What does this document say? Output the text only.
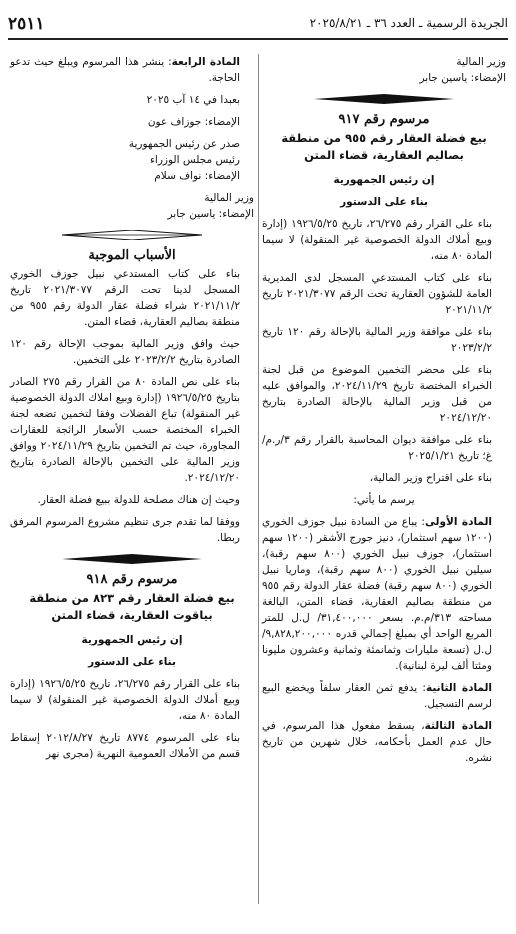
٢٥١١	الجريدة الرسمية ـ العدد ٣٦ ـ ٢٠٢٥/٨/٢١

وزير المالية

الإمضاء: ياسين جابر

مرسوم رقم ٩١٧
بيع فضلة العقار رقم ٩٥٥ من منطقة بصاليم العقارية، قضاء المتن

إن رئيس الجمهورية

بناء على الدستور

بناء على القرار رقم ٢٦/٢٧٥، تاريخ ١٩٢٦/٥/٢٥ (إدارة وبيع أملاك الدولة الخصوصية غير المنقولة) لا سيما المادة ٨٠ منه،

بناء على كتاب المستدعي المسجل لدى المديرية العامة للشؤون العقارية تحت الرقم ٢٠٢١/٣٠٧٧ تاريخ ٢٠٢١/١١/٢

بناء على موافقة وزير المالية بالإحالة رقم ١٢٠ تاريخ ٢٠٢٣/٢/٢

بناء على محضر التخمين الموضوع من قبل لجنة الخبراء المختصة تاريخ ٢٠٢٤/١١/٢٩، والموافق عليه من قبل وزير المالية بالإحالة الصادرة بتاريخ ٢٠٢٤/١٢/٢٠

بناء على موافقة ديوان المحاسبة بالقرار رقم ٣/ر.م/غ؛ تاريخ ٢٠٢٥/١/٢١

بناء على اقتراح وزير المالية،

يرسم ما يأتي:

المادة الأولى: يباع من السادة نبيل جوزف الخوري (١٢٠٠ سهم استثمار)، دنيز جورج الأشقر (١٢٠٠ سهم استثمار)، جوزف نبيل الخوري (٨٠٠ سهم رقبة)، سيلين نبيل الخوري (٨٠٠ سهم رقبة)، وماريا نبيل الخوري (٨٠٠ سهم رقبة) فضلة عقار الدولة رقم ٩٥٥ من منطقة بصاليم العقارية، قضاء المتن، البالغة مساحته ٣١٣/م.م. بسعر ٣١,٤٠٠,٠٠٠/ ل.ل للمتر المربع الواحد أي بمبلغ إجمالي قدره ٩,٨٢٨,٢٠٠,٠٠٠/ل.ل (تسعة مليارات وثمانمئة وثمانية وعشرون مليونا ومئتا ألف ليرة لبنانية).

المادة الثانية: يدفع ثمن العقار سلفاً ويخضع البيع لرسم التسجيل.

المادة الثالثة، يسقط مفعول هذا المرسوم، في حال عدم العمل بأحكامه، خلال شهرين من تاريخ نشره.

المادة الرابعة: ينشر هذا المرسوم ويبلغ حيث تدعو الحاجة.

بعبدا في ١٤ آب ٢٠٢٥

الإمضاء: جوزاف عون

صدر عن رئيس الجمهورية

رئيس مجلس الوزراء

الإمضاء: نواف سلام

وزير المالية

الإمضاء: ياسين جابر

الأسباب الموجبة

بناء على كتاب المستدعي نبيل جوزف الخوري المسجل لدينا تحت الرقم ٢٠٢١/٣٠٧٧ تاريخ ٢٠٢١/١١/٢ شراء فضلة عقار الدولة رقم ٩٥٥ من منطقة بصاليم العقارية، قضاء المتن.

حيث وافق وزير المالية بموجب الإحالة رقم ١٢٠ الصادرة بتاريخ ٢٠٢٣/٢/٢ على التخمين.

بناء على نص المادة ٨٠ من القرار رقم ٢٧٥ الصادر بتاريخ ١٩٢٦/٥/٢٥ (إدارة وبيع املاك الدولة الخصوصية غير المنقولة) تباع الفضلات وفقا لتخمين تضعه لجنة الخبراء المختصة حسب الأسعار الرائجة للعقارات المجاورة، حيث تم التخمين بتاريخ ٢٠٢٤/١١/٢٩ ووافق وزير المالية على التخمين بالإحالة الصادرة بتاريخ ٢٠٢٤/١٢/٢٠.

وحيث إن هناك مصلحة للدولة ببيع فضلة العقار.

ووفقا لما تقدم جرى تنظيم مشروع المرسوم المرفق ربطا.

مرسوم رقم ٩١٨
بيع فضلة العقار رقم ٨٢٣ من منطقة بياقوت العقارية، قضاء المتن

إن رئيس الجمهورية

بناء على الدستور

بناء على القرار رقم ٢٦/٢٧٥، تاريخ ١٩٢٦/٥/٢٥ (إدارة وبيع أملاك الدولة الخصوصية غير المنقولة) لا سيما المادة ٨٠ منه،

بناء على المرسوم ٨٧٧٤ تاريخ ٢٠١٢/٨/٢٧ إسقاط قسم من الأملاك العمومية النهرية (مجرى نهر
